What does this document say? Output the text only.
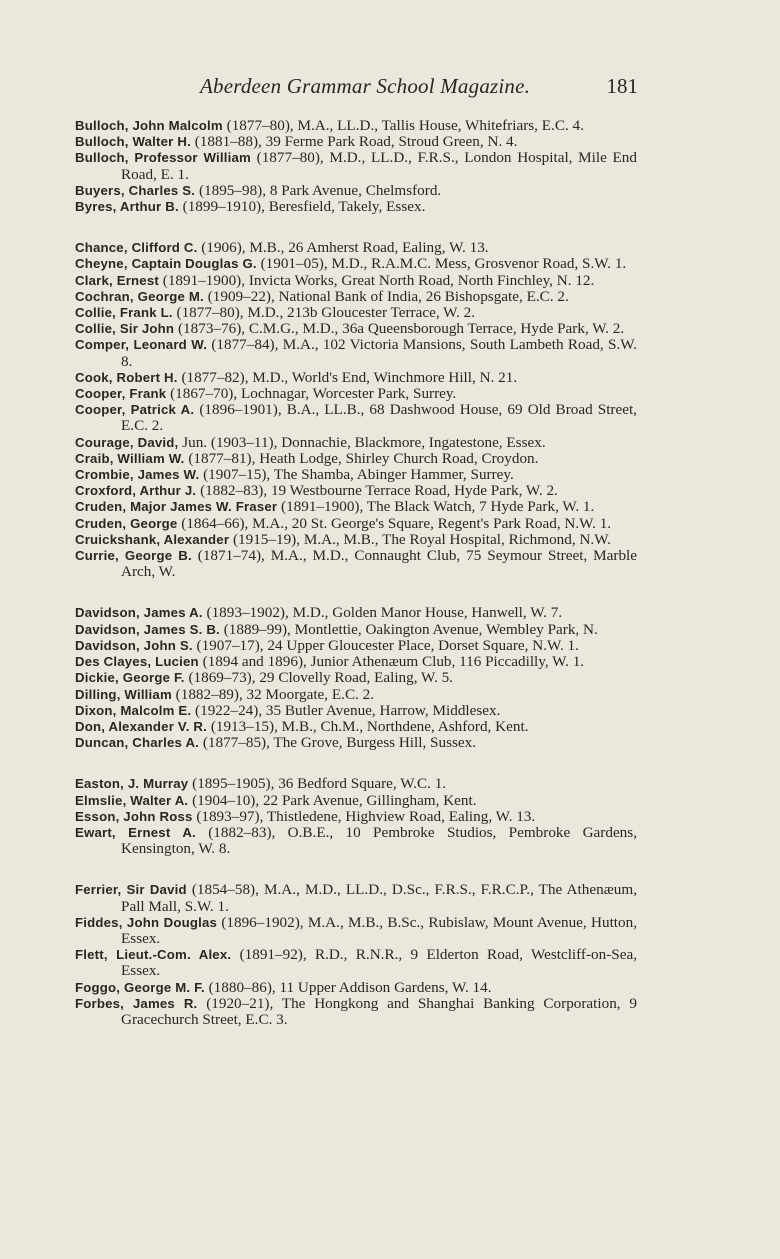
Aberdeen Grammar School Magazine.	181
Bulloch, John Malcolm (1877–80), M.A., LL.D., Tallis House, Whitefriars, E.C. 4.
Bulloch, Walter H. (1881–88), 39 Ferme Park Road, Stroud Green, N. 4.
Bulloch, Professor William (1877–80), M.D., LL.D., F.R.S., London Hospital, Mile End Road, E. 1.
Buyers, Charles S. (1895–98), 8 Park Avenue, Chelmsford.
Byres, Arthur B. (1899–1910), Beresfield, Takely, Essex.
Chance, Clifford C. (1906), M.B., 26 Amherst Road, Ealing, W. 13.
Cheyne, Captain Douglas G. (1901–05), M.D., R.A.M.C. Mess, Grosvenor Road, S.W. 1.
Clark, Ernest (1891–1900), Invicta Works, Great North Road, North Finchley, N. 12.
Cochran, George M. (1909–22), National Bank of India, 26 Bishopsgate, E.C. 2.
Collie, Frank L. (1877–80), M.D., 213b Gloucester Terrace, W. 2.
Collie, Sir John (1873–76), C.M.G., M.D., 36a Queensborough Terrace, Hyde Park, W. 2.
Comper, Leonard W. (1877–84), M.A., 102 Victoria Mansions, South Lambeth Road, S.W. 8.
Cook, Robert H. (1877–82), M.D., World's End, Winchmore Hill, N. 21.
Cooper, Frank (1867–70), Lochnagar, Worcester Park, Surrey.
Cooper, Patrick A. (1896–1901), B.A., LL.B., 68 Dashwood House, 69 Old Broad Street, E.C. 2.
Courage, David, Jun. (1903–11), Donnachie, Blackmore, Ingatestone, Essex.
Craib, William W. (1877–81), Heath Lodge, Shirley Church Road, Croydon.
Crombie, James W. (1907–15), The Shamba, Abinger Hammer, Surrey.
Croxford, Arthur J. (1882–83), 19 Westbourne Terrace Road, Hyde Park, W. 2.
Cruden, Major James W. Fraser (1891–1900), The Black Watch, 7 Hyde Park, W. 1.
Cruden, George (1864–66), M.A., 20 St. George's Square, Regent's Park Road, N.W. 1.
Cruickshank, Alexander (1915–19), M.A., M.B., The Royal Hospital, Richmond, N.W.
Currie, George B. (1871–74), M.A., M.D., Connaught Club, 75 Seymour Street, Marble Arch, W.
Davidson, James A. (1893–1902), M.D., Golden Manor House, Hanwell, W. 7.
Davidson, James S. B. (1889–99), Montlettie, Oakington Avenue, Wembley Park, N.
Davidson, John S. (1907–17), 24 Upper Gloucester Place, Dorset Square, N.W. 1.
Des Clayes, Lucien (1894 and 1896), Junior Athenæum Club, 116 Piccadilly, W. 1.
Dickie, George F. (1869–73), 29 Clovelly Road, Ealing, W. 5.
Dilling, William (1882–89), 32 Moorgate, E.C. 2.
Dixon, Malcolm E. (1922–24), 35 Butler Avenue, Harrow, Middlesex.
Don, Alexander V. R. (1913–15), M.B., Ch.M., Northdene, Ashford, Kent.
Duncan, Charles A. (1877–85), The Grove, Burgess Hill, Sussex.
Easton, J. Murray (1895–1905), 36 Bedford Square, W.C. 1.
Elmslie, Walter A. (1904–10), 22 Park Avenue, Gillingham, Kent.
Esson, John Ross (1893–97), Thistledene, Highview Road, Ealing, W. 13.
Ewart, Ernest A. (1882–83), O.B.E., 10 Pembroke Studios, Pembroke Gardens, Kensington, W. 8.
Ferrier, Sir David (1854–58), M.A., M.D., LL.D., D.Sc., F.R.S., F.R.C.P., The Athenæum, Pall Mall, S.W. 1.
Fiddes, John Douglas (1896–1902), M.A., M.B., B.Sc., Rubislaw, Mount Avenue, Hutton, Essex.
Flett, Lieut.-Com. Alex. (1891–92), R.D., R.N.R., 9 Elderton Road, Westcliff-on-Sea, Essex.
Foggo, George M. F. (1880–86), 11 Upper Addison Gardens, W. 14.
Forbes, James R. (1920–21), The Hongkong and Shanghai Banking Corporation, 9 Gracechurch Street, E.C. 3.
